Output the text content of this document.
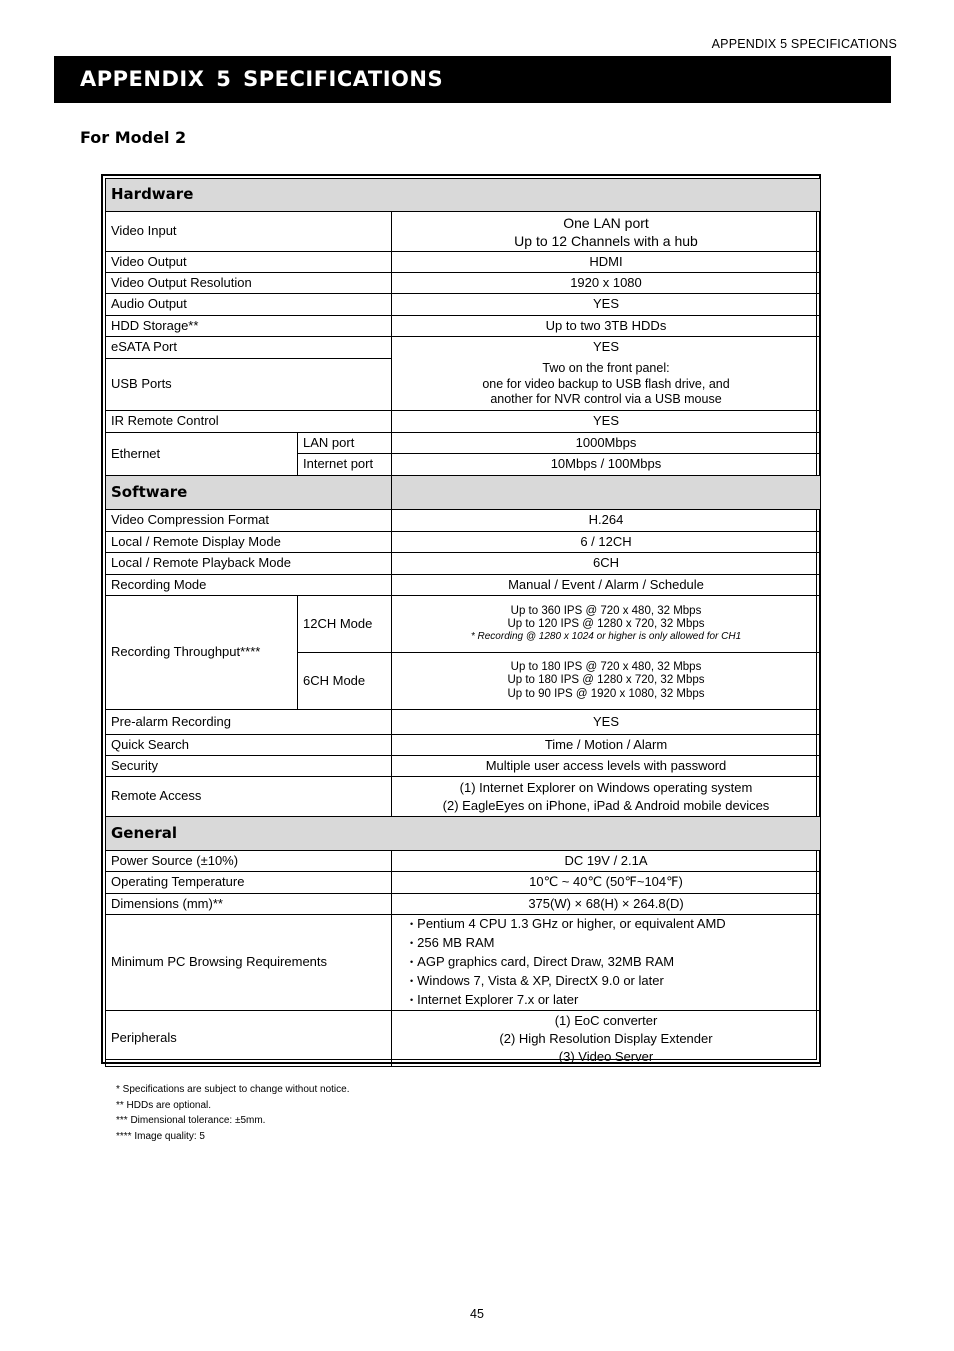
APPENDIX 5 SPECIFICATIONS
APPENDIX 5 SPECIFICATIONS
For Model 2
Hardware		
Video Input		One LAN port
Up to 12 Channels with a hub

Video Output		HDMI
Video Output Resolution		1920 x 1080
Audio Output		YES
HDD Storage**		Up to two 3TB HDDs
eSATA Port		YES
USB Ports		Two on the front panel:
one for video backup to USB flash drive, and
another for NVR control via a USB mouse

IR Remote Control		YES
Ethernet	LAN port	1000Mbps
	Internet port	10Mbps / 100Mbps
Software		
Video Compression Format		H.264
Local / Remote Display Mode		6 / 12CH
Local / Remote Playback Mode		6CH
Recording Mode		Manual / Event / Alarm / Schedule
Recording Throughput****	12CH Mode	Up to 360 IPS @ 720 x 480, 32 Mbps
Up to 120 IPS @ 1280 x 720, 32 Mbps
* Recording @ 1280 x 1024 or higher is only allowed for CH1

	6CH Mode	Up to 180 IPS @ 720 x 480, 32 Mbps
Up to 180 IPS @ 1280 x 720, 32 Mbps
Up to 90 IPS @ 1920 x 1080, 32 Mbps

Pre-alarm Recording		YES
Quick Search		Time / Motion / Alarm
Security		Multiple user access levels with password
Remote Access		(1) Internet Explorer on Windows operating system
(2) EagleEyes on iPhone, iPad & Android mobile devices

General		
Power Source (±10%)		DC 19V / 2.1A
Operating Temperature		10℃ ~ 40℃ (50℉~104℉)
Dimensions (mm)**		375(W) × 68(H) × 264.8(D)
Minimum PC Browsing Requirements		• Pentium 4 CPU 1.3 GHz or higher, or equivalent AMD
• 256 MB RAM
• AGP graphics card, Direct Draw, 32MB RAM
• Windows 7, Vista & XP, DirectX 9.0 or later
• Internet Explorer 7.x or later

Peripherals		(1) EoC converter
(2) High Resolution Display Extender
(3) Video Server
* Specifications are subject to change without notice.
** HDDs are optional.
*** Dimensional tolerance: ±5mm.
**** Image quality: 5
45
